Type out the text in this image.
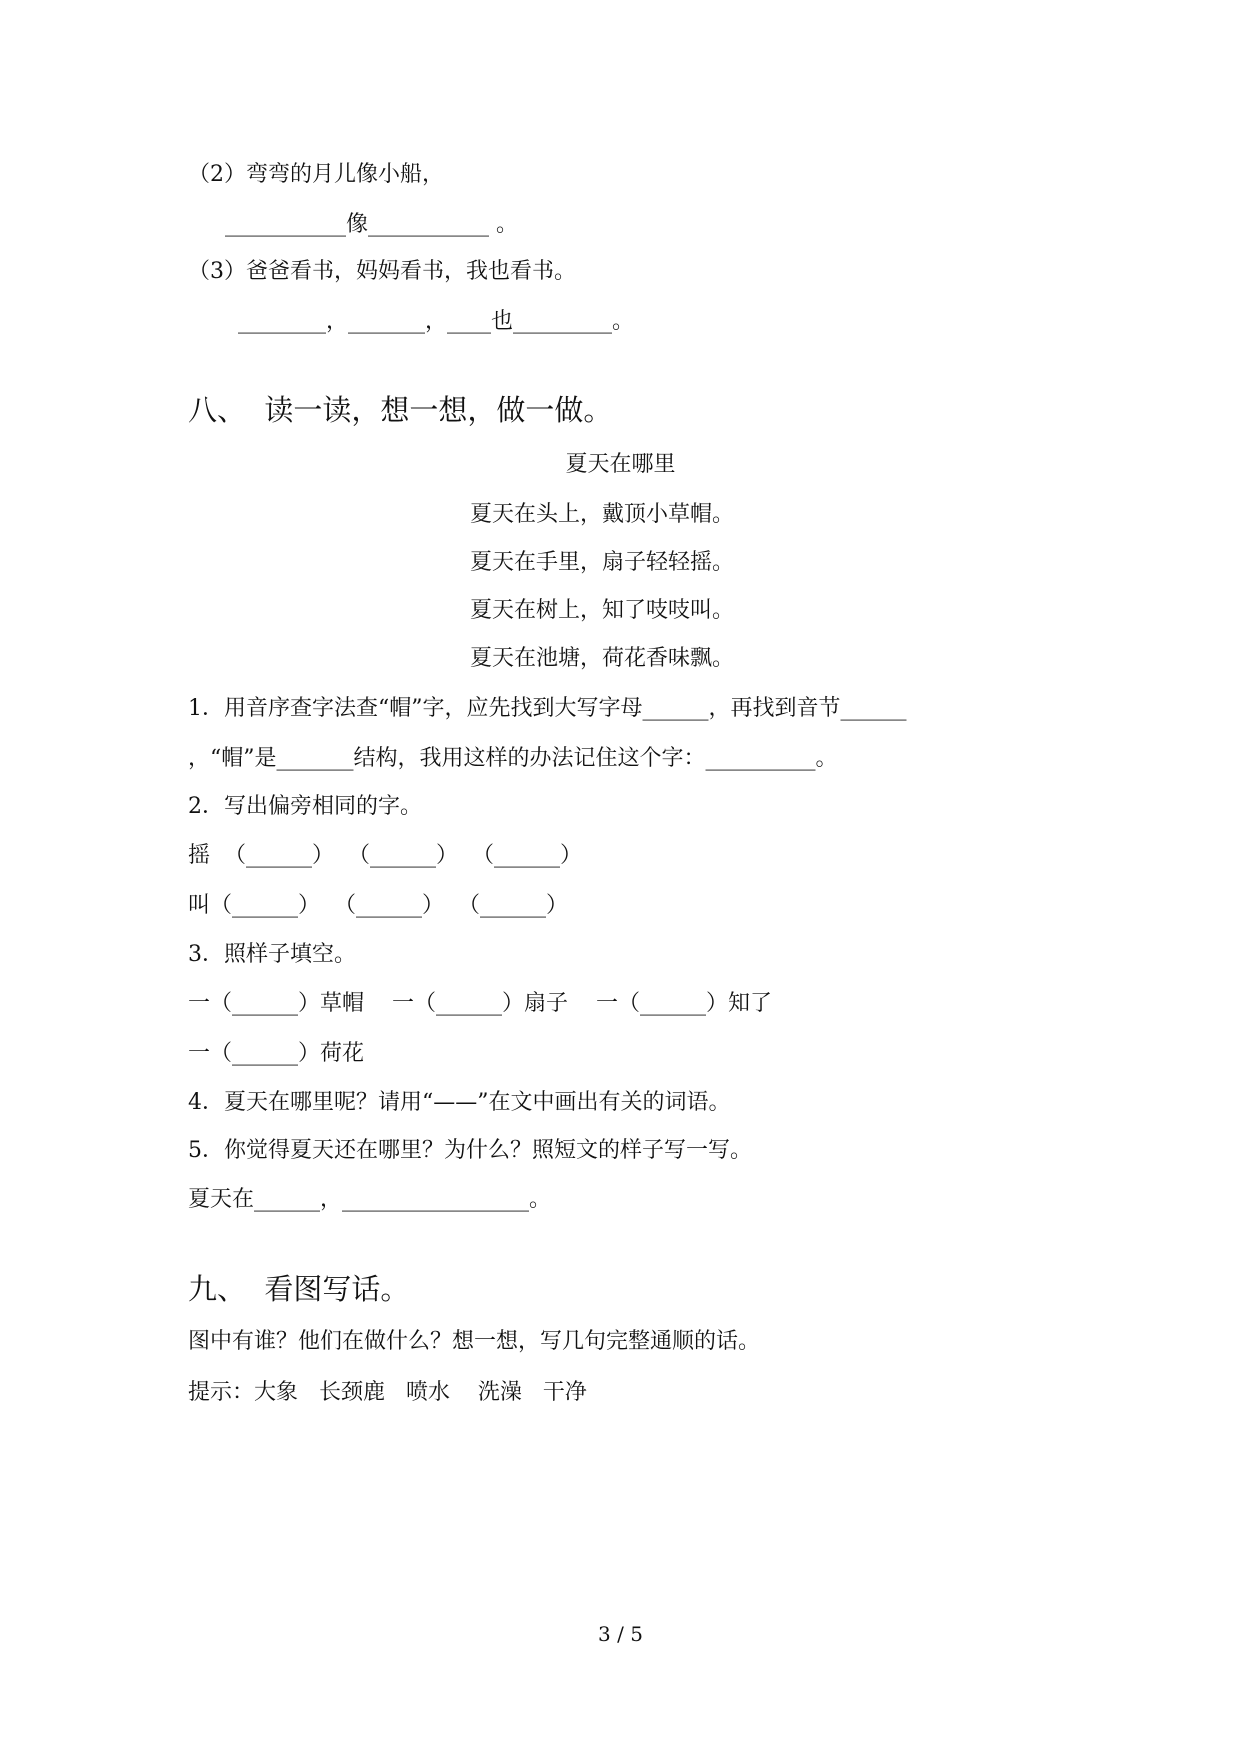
（2）弯弯的月儿像小船，
___________像___________ 。
（3）爸爸看书，妈妈看书，我也看书。
________，_______，____也_________。
八、  读一读，想一想，做一做。
夏天在哪里
夏天在头上，戴顶小草帽。
夏天在手里，扇子轻轻摇。
夏天在树上，知了吱吱叫。
夏天在池塘，荷花香味飘。
1．用音序查字法查“帽”字，应先找到大写字母______，再找到音节______
，“帽”是_______结构，我用这样的办法记住这个字：__________。
2．写出偏旁相同的字。
摇  （______）  （______）  （______）
叫（______）  （______）  （______）
3．照样子填空。
一（______）草帽    一（______）扇子    一（______）知了
一（______）荷花
4．夏天在哪里呢？请用“——”在文中画出有关的词语。
5．你觉得夏天还在哪里？为什么？照短文的样子写一写。
夏天在______，_________________。
九、  看图写话。
图中有谁？他们在做什么？想一想，写几句完整通顺的话。
提示：大象   长颈鹿   喷水    洗澡   干净
3 / 5
